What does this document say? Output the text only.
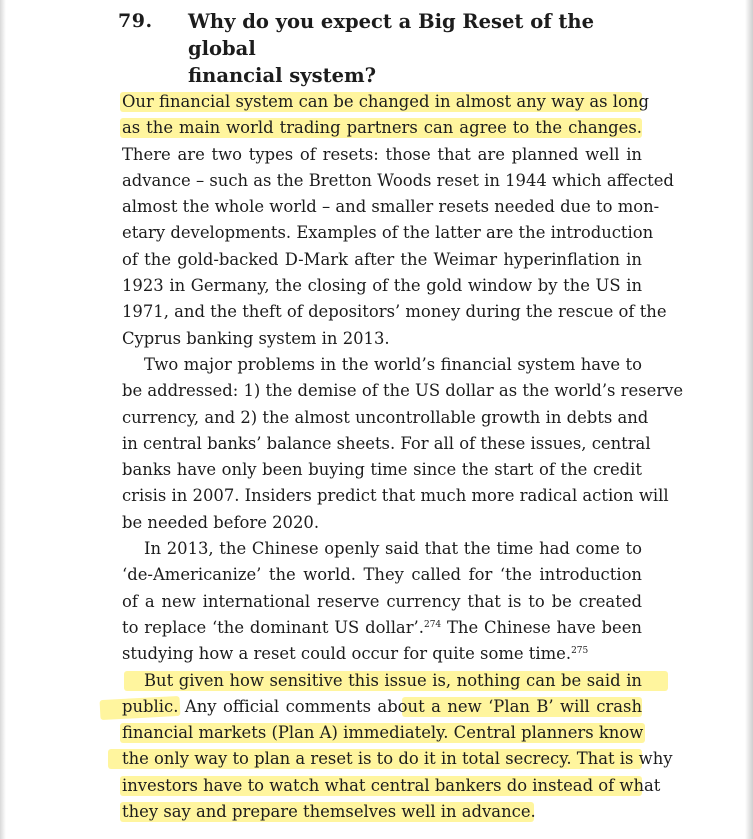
79. Why do you expect a Big Reset of the global
financial system?
Our financial system can be changed in almost any way as long
as the main world trading partners can agree to the changes.
There are two types of resets: those that are planned well in
advance – such as the Bretton Woods reset in 1944 which affected
almost the whole world – and smaller resets needed due to mon-
etary developments. Examples of the latter are the introduction
of the gold-backed D-Mark after the Weimar hyperinflation in
1923 in Germany, the closing of the gold window by the US in
1971, and the theft of depositors’ money during the rescue of the
Cyprus banking system in 2013.
Two major problems in the world’s financial system have to
be addressed: 1) the demise of the US dollar as the world’s reserve
currency, and 2) the almost uncontrollable growth in debts and
in central banks’ balance sheets. For all of these issues, central
banks have only been buying time since the start of the credit
crisis in 2007. Insiders predict that much more radical action will
be needed before 2020.
In 2013, the Chinese openly said that the time had come to
‘de-Americanize’ the world. They called for ‘the introduction
of a new international reserve currency that is to be created
to replace ‘the dominant US dollar’.$^{274}$ The Chinese have been
studying how a reset could occur for quite some time.$^{275}$
But given how sensitive this issue is, nothing can be said in
public. Any official comments about a new ‘Plan B’ will crash
financial markets (Plan A) immediately. Central planners know
the only way to plan a reset is to do it in total secrecy. That is why
investors have to watch what central bankers do instead of what
they say and prepare themselves well in advance.
